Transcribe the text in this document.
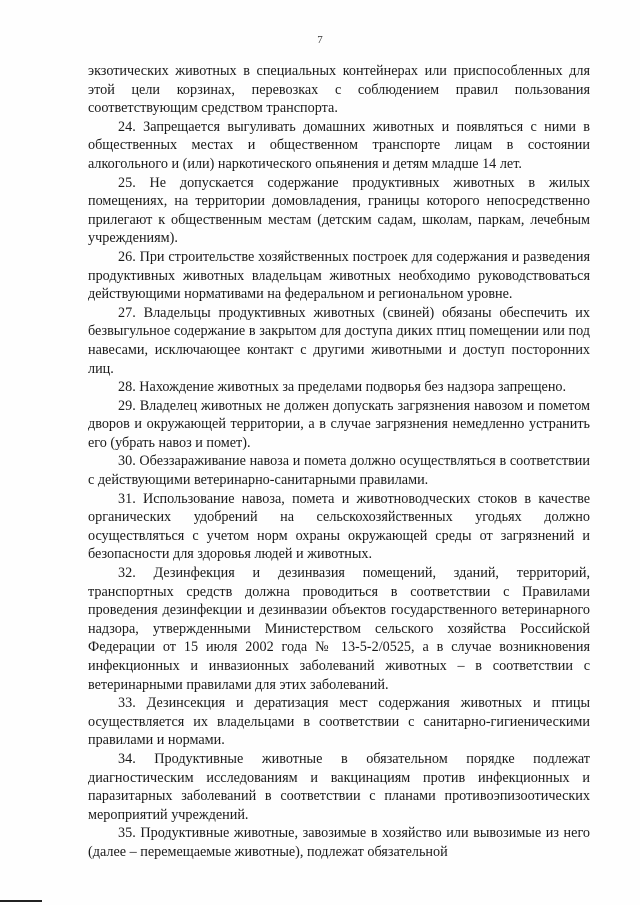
7

экзотических животных в специальных контейнерах или приспособленных для этой цели корзинах, перевозках с соблюдением правил пользования соответствующим средством транспорта.

24. Запрещается выгуливать домашних животных и появляться с ними в общественных местах и общественном транспорте лицам в состоянии алкогольного и (или) наркотического опьянения и детям младше 14 лет.

25. Не допускается содержание продуктивных животных в жилых помещениях, на территории домовладения, границы которого непосредственно прилегают к общественным местам (детским садам, школам, паркам, лечебным учреждениям).

26. При строительстве хозяйственных построек для содержания и разведения продуктивных животных владельцам животных необходимо руководствоваться действующими нормативами на федеральном и региональном уровне.

27. Владельцы продуктивных животных (свиней) обязаны обеспечить их безвыгульное содержание в закрытом для доступа диких птиц помещении или под навесами, исключающее контакт с другими животными и доступ посторонних лиц.

28. Нахождение животных за пределами подворья без надзора запрещено.

29. Владелец животных не должен допускать загрязнения навозом и пометом дворов и окружающей территории, а в случае загрязнения немедленно устранить его (убрать навоз и помет).

30. Обеззараживание навоза и помета должно осуществляться в соответствии с действующими ветеринарно-санитарными правилами.

31. Использование навоза, помета и животноводческих стоков в качестве органических удобрений на сельскохозяйственных угодьях должно осуществляться с учетом норм охраны окружающей среды от загрязнений и безопасности для здоровья людей и животных.

32. Дезинфекция и дезинвазия помещений, зданий, территорий, транспортных средств должна проводиться в соответствии с Правилами проведения дезинфекции и дезинвазии объектов государственного ветеринарного надзора, утвержденными Министерством сельского хозяйства Российской Федерации от 15 июля 2002 года № 13-5-2/0525, а в случае возникновения инфекционных и инвазионных заболеваний животных – в соответствии с ветеринарными правилами для этих заболеваний.

33. Дезинсекция и дератизация мест содержания животных и птицы осуществляется их владельцами в соответствии с санитарно-гигиеническими правилами и нормами.

34. Продуктивные животные в обязательном порядке подлежат диагностическим исследованиям и вакцинациям против инфекционных и паразитарных заболеваний в соответствии с планами противоэпизоотических мероприятий учреждений.

35. Продуктивные животные, завозимые в хозяйство или вывозимые из него (далее – перемещаемые животные), подлежат обязательной
